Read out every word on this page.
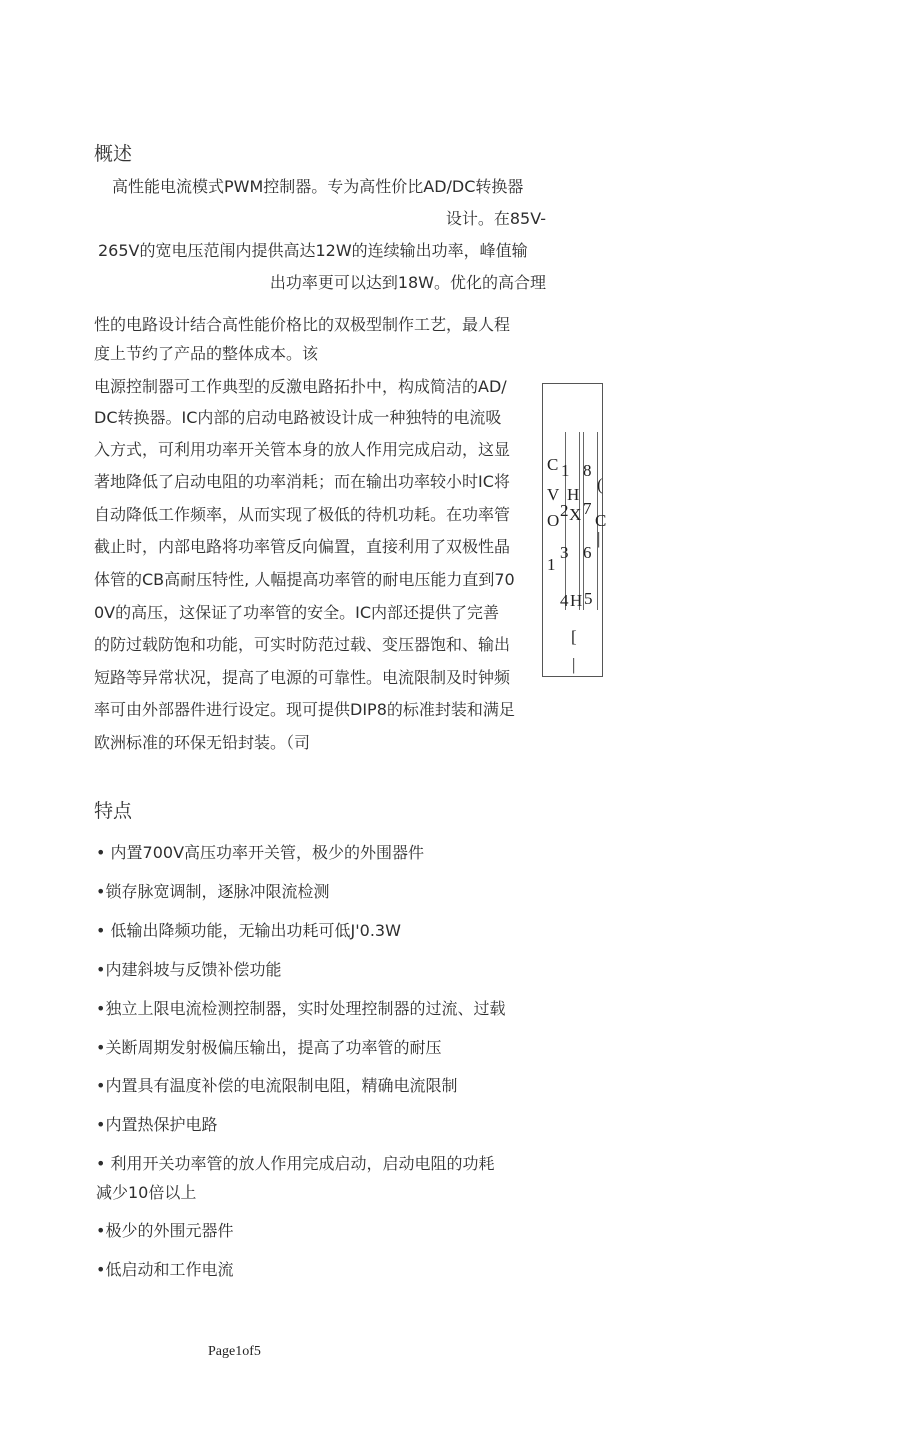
概述
高性能电流模式PWM控制器。专为高性价比AD/DC转换器
设计。在85V-
265V的宽电压范闱内提供高达12W的连续输出功率，峰值输
出功率更可以达到18W。优化的高合理
性的电路设计结合高性能价格比的双极型制作工艺，最人程
度上节约了产品的整体成本。该
电源控制器可工作典型的反激电路拓扑中，构成简洁的AD/
DC转换器。IC内部的启动电路被设计成一种独特的电流吸
入方式，可利用功率开关管本身的放人作用完成启动，这显
著地降低了启动电阻的功率消耗；而在输出功率较小时IC将
自动降低工作频率，从而实现了极低的待机功耗。在功率管
截止时，内部电路将功率管反向偏置，直接利用了双极性晶
体管的CB高耐压特性, 人幅提高功率管的耐电压能力直到70
0V的高压，这保证了功率管的安全。IC内部还提供了完善
的防过载防饱和功能，可实时防范过载、变压器饱和、输出
短路等异常状况，提高了电源的可靠性。电流限制及时钟频
率可由外部器件进行设定。现可提供DIP8的标准封装和满足
欧洲标准的环保无铅封装。（司
C 1 8
(
V H
O
2 X 7
C
|
3 6
1
4 H 5
[
|
特点
• 内置700V高压功率开关管，极少的外围器件
•锁存脉宽调制，逐脉冲限流检测
• 低输出降频功能，无输出功耗可低J'0.3W
•内建斜坡与反馈补偿功能
•独立上限电流检测控制器，实时处理控制器的过流、过载
•关断周期发射极偏压输出，提高了功率管的耐压
•内置具有温度补偿的电流限制电阻，精确电流限制
•内置热保护电路
• 利用开关功率管的放人作用完成启动，启动电阻的功耗
减少10倍以上
•极少的外围元器件
•低启动和工作电流
Page1of5
